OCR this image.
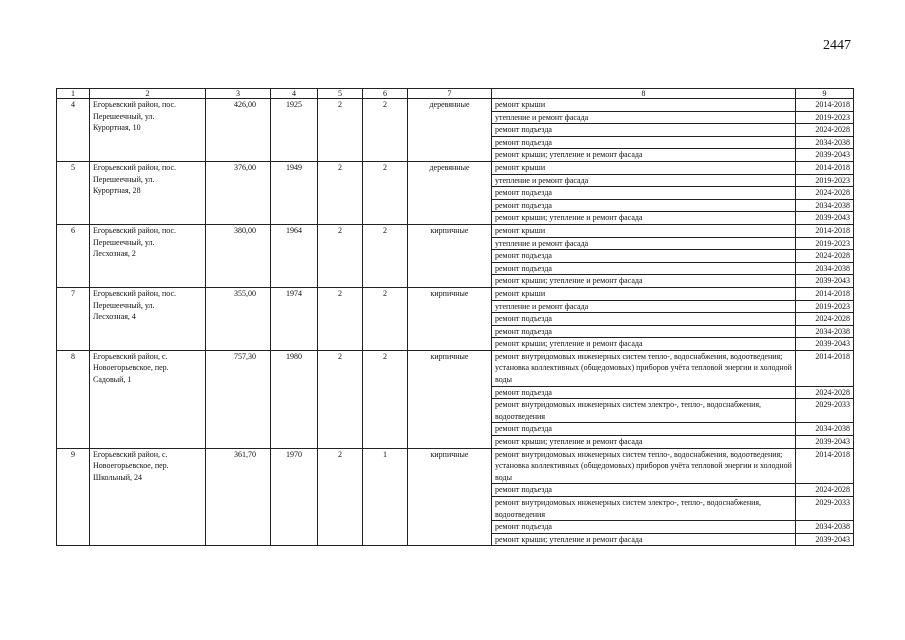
2447
1	2	3	4	5	6	7	8	9
4	Егорьевский район, пос.
Перешеечный, ул.
Курортная, 10	426,00	1925	2	2	деревянные	ремонт крыши	2014-2018
							утепление и ремонт фасада	2019-2023
							ремонт подъезда	2024-2028
							ремонт подъезда	2034-2038
							ремонт крыши; утепление и ремонт фасада	2039-2043
5	Егорьевский район, пос.
Перешеечный, ул.
Курортная, 28	376,00	1949	2	2	деревянные	ремонт крыши	2014-2018
							утепление и ремонт фасада	2019-2023
							ремонт подъезда	2024-2028
							ремонт подъезда	2034-2038
							ремонт крыши; утепление и ремонт фасада	2039-2043
6	Егорьевский район, пос.
Перешеечный, ул.
Лесхозная, 2	380,00	1964	2	2	кирпичные	ремонт крыши	2014-2018
							утепление и ремонт фасада	2019-2023
							ремонт подъезда	2024-2028
							ремонт подъезда	2034-2038
							ремонт крыши; утепление и ремонт фасада	2039-2043
7	Егорьевский район, пос.
Перешеечный, ул.
Лесхозная, 4	355,00	1974	2	2	кирпичные	ремонт крыши	2014-2018
							утепление и ремонт фасада	2019-2023
							ремонт подъезда	2024-2028
							ремонт подъезда	2034-2038
							ремонт крыши; утепление и ремонт фасада	2039-2043
8	Егорьевский район, с.
Новоегорьевское, пер.
Садовый, 1	757,30	1980	2	2	кирпичные	ремонт внутридомовых инженерных систем тепло-, водоснабжения, водоотведения; установка коллективных (общедомовых) приборов учёта тепловой энергии и холодной воды	2014-2018
							ремонт подъезда	2024-2028
							ремонт внутридомовых инженерных систем электро-, тепло-, водоснабжения, водоотведения	2029-2033
							ремонт подъезда	2034-2038
							ремонт крыши; утепление и ремонт фасада	2039-2043
9	Егорьевский район, с.
Новоегорьевское, пер.
Школьный, 24	361,70	1970	2	1	кирпичные	ремонт внутридомовых инженерных систем тепло-, водоснабжения, водоотведения; установка коллективных (общедомовых) приборов учёта тепловой энергии и холодной воды	2014-2018
							ремонт подъезда	2024-2028
							ремонт внутридомовых инженерных систем электро-, тепло-, водоснабжения, водоотведения	2029-2033
							ремонт подъезда	2034-2038
							ремонт крыши; утепление и ремонт фасада	2039-2043
